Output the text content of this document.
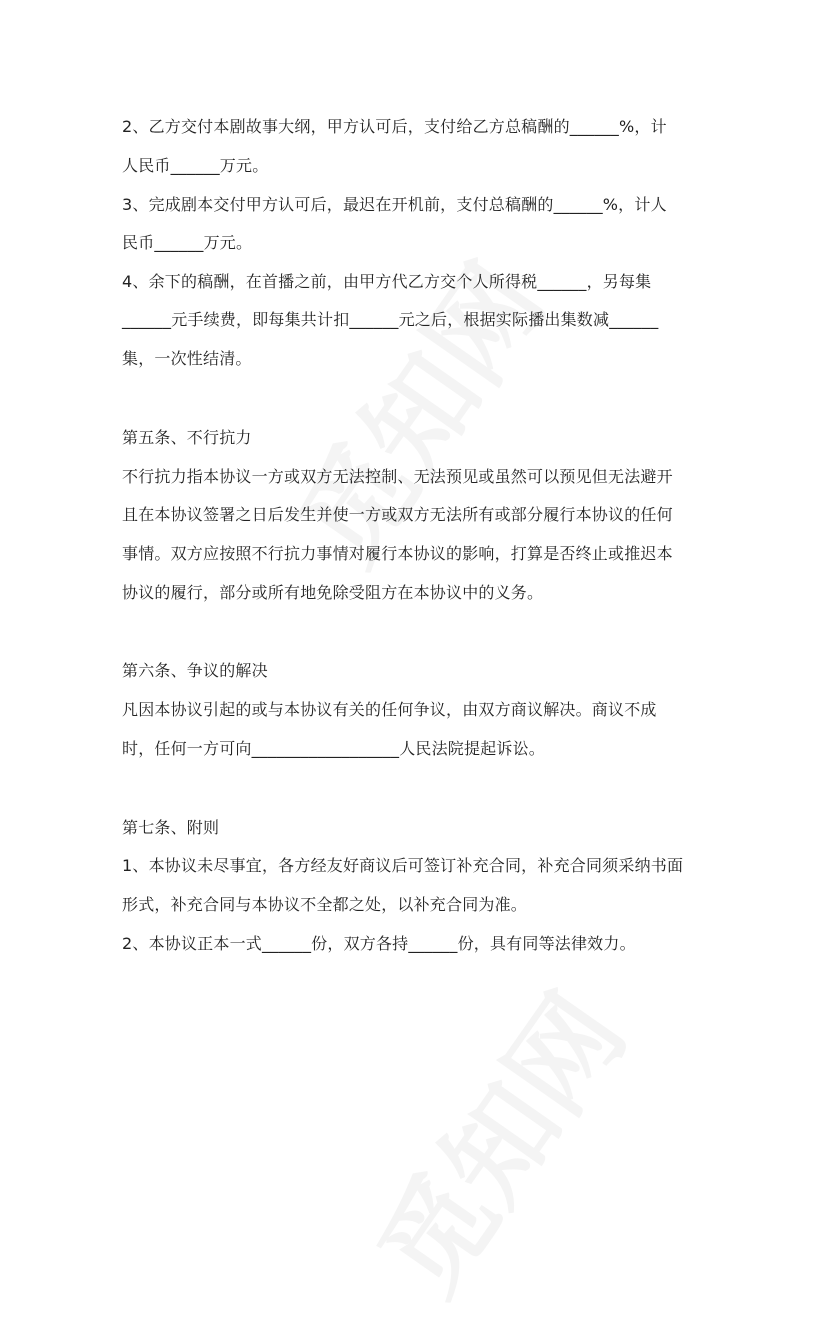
2、乙方交付本剧故事大纲，甲方认可后，支付给乙方总稿酬的______%，计
人民币______万元。
3、完成剧本交付甲方认可后，最迟在开机前，支付总稿酬的______%，计人
民币______万元。
4、余下的稿酬，在首播之前，由甲方代乙方交个人所得税______，另每集
______元手续费，即每集共计扣______元之后，根据实际播出集数减______
集，一次性结清。
第五条、不行抗力
不行抗力指本协议一方或双方无法控制、无法预见或虽然可以预见但无法避开
且在本协议签署之日后发生并使一方或双方无法所有或部分履行本协议的任何
事情。双方应按照不行抗力事情对履行本协议的影响，打算是否终止或推迟本
协议的履行，部分或所有地免除受阻方在本协议中的义务。
第六条、争议的解决
凡因本协议引起的或与本协议有关的任何争议，由双方商议解决。商议不成
时，任何一方可向__________________人民法院提起诉讼。
第七条、附则
1、本协议未尽事宜，各方经友好商议后可签订补充合同，补充合同须采纳书面
形式，补充合同与本协议不全都之处，以补充合同为准。
2、本协议正本一式______份，双方各持______份，具有同等法律效力。
